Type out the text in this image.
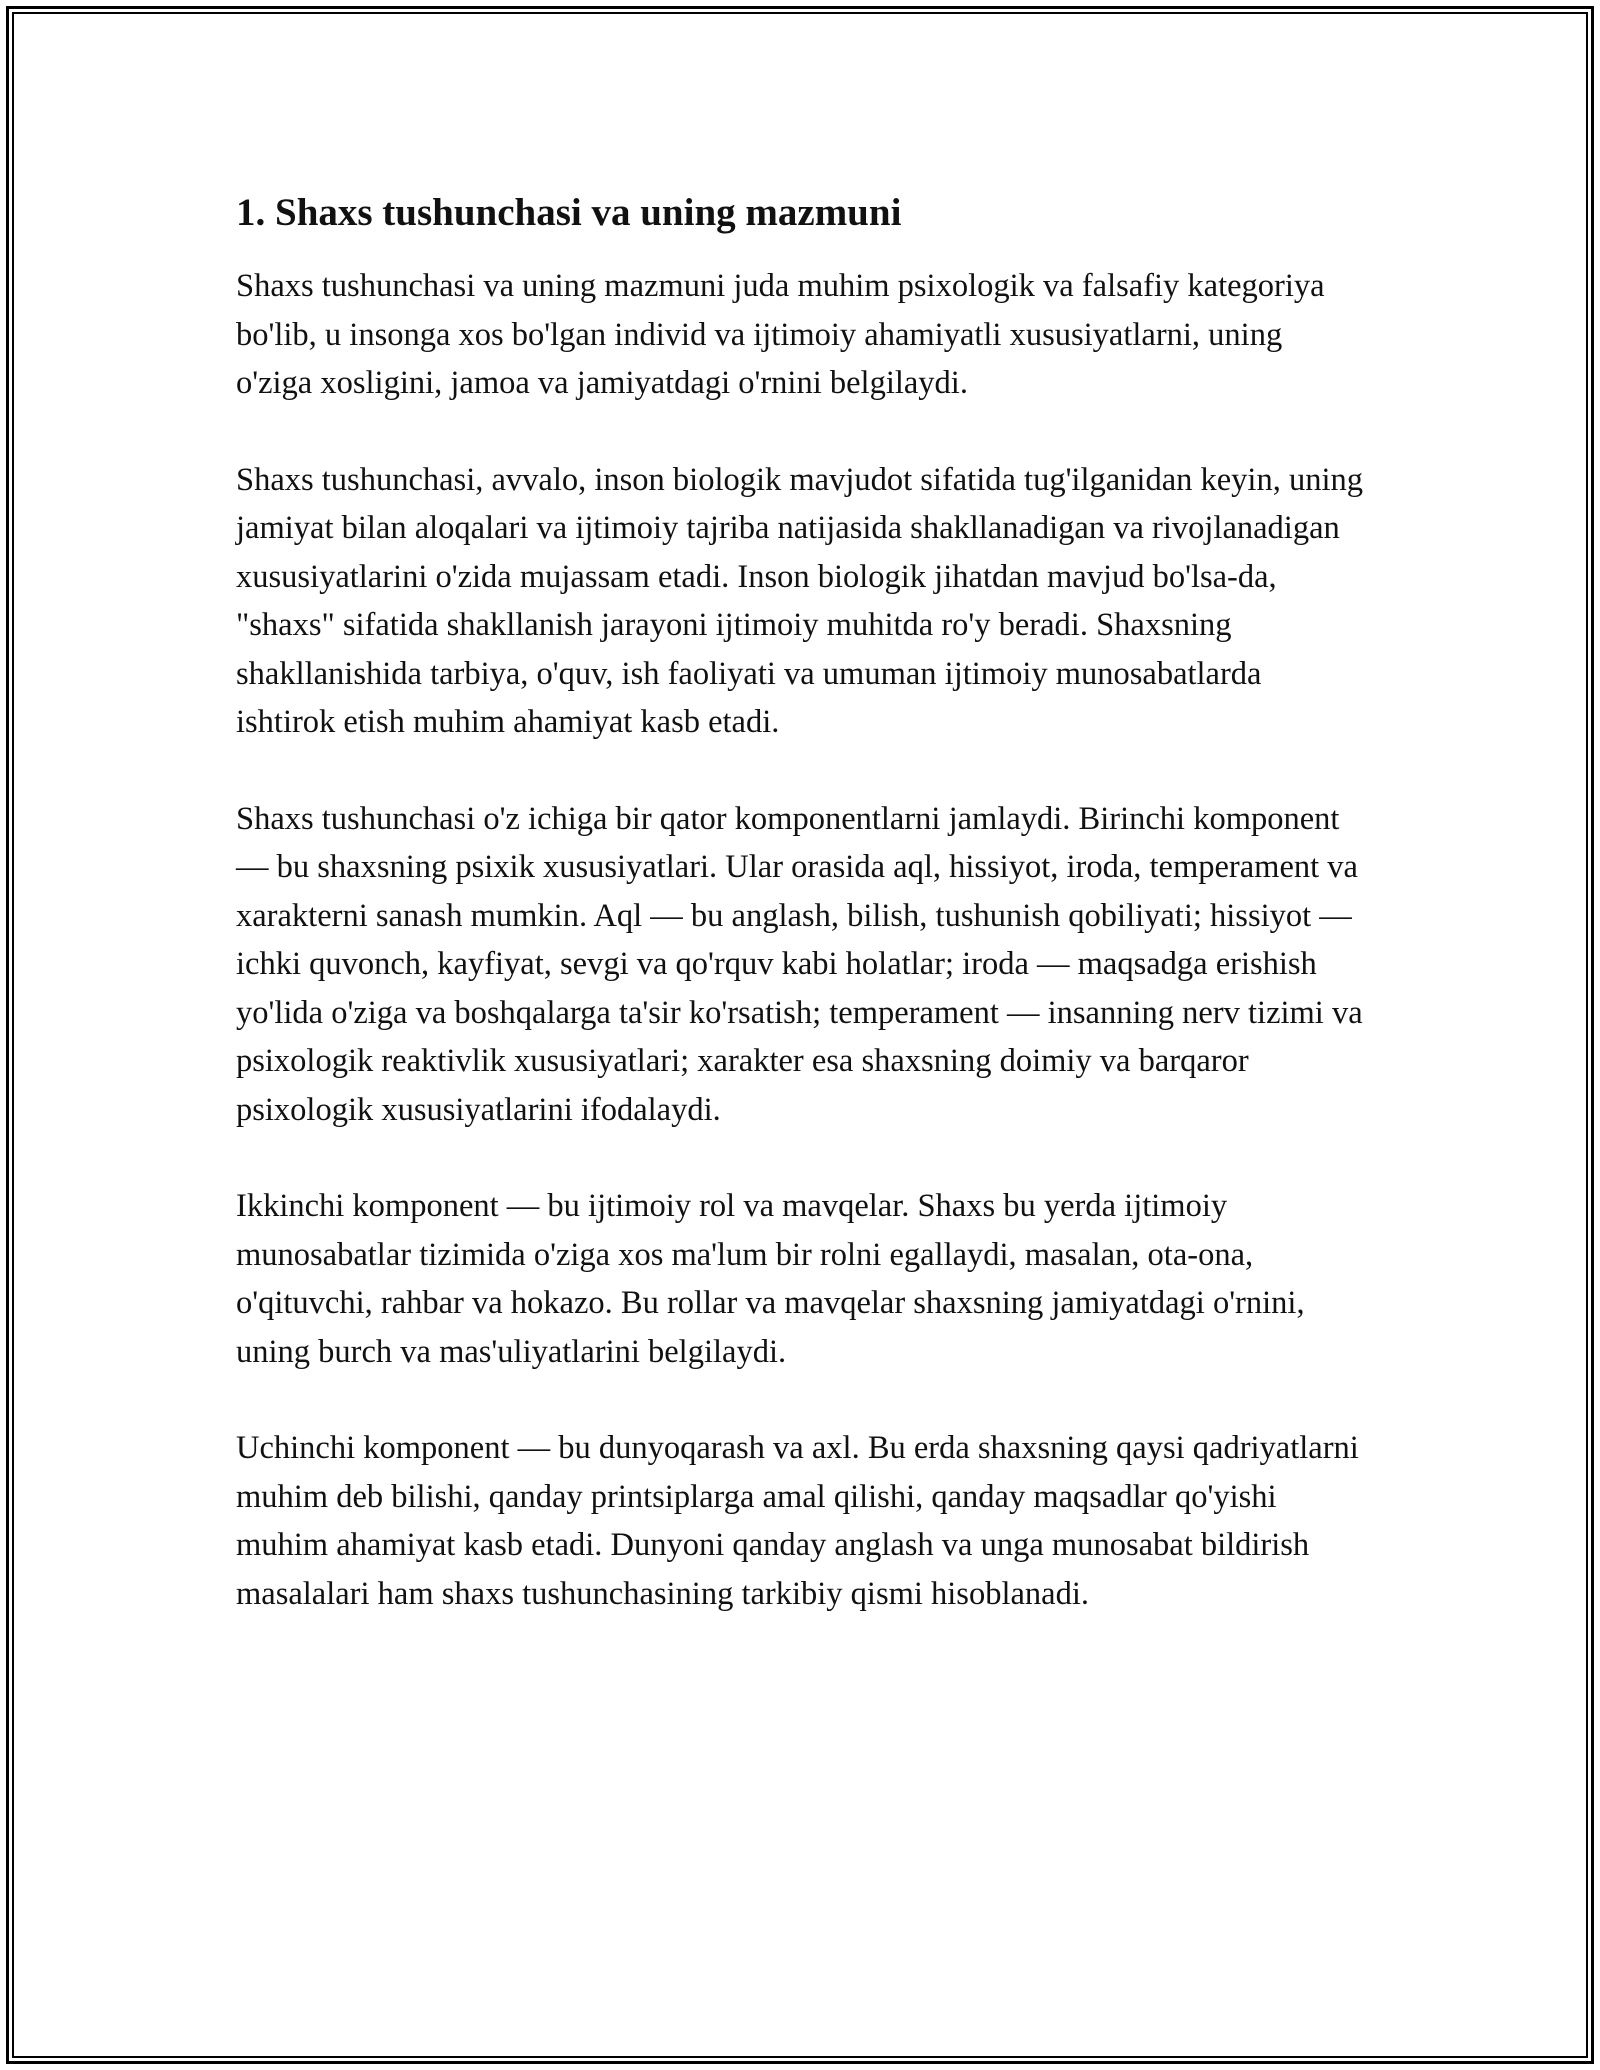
1. Shaxs tushunchasi va uning mazmuni

Shaxs tushunchasi va uning mazmuni juda muhim psixologik va falsafiy kategoriya bo'lib, u insonga xos bo'lgan individ va ijtimoiy ahamiyatli xususiyatlarni, uning o'ziga xosligini, jamoa va jamiyatdagi o'rnini belgilaydi.

Shaxs tushunchasi, avvalo, inson biologik mavjudot sifatida tug'ilganidan keyin, uning jamiyat bilan aloqalari va ijtimoiy tajriba natijasida shakllanadigan va rivojlanadigan xususiyatlarini o'zida mujassam etadi. Inson biologik jihatdan mavjud bo'lsa-da, "shaxs" sifatida shakllanish jarayoni ijtimoiy muhitda ro'y beradi. Shaxsning shakllanishida tarbiya, o'quv, ish faoliyati va umuman ijtimoiy munosabatlarda ishtirok etish muhim ahamiyat kasb etadi.

Shaxs tushunchasi o'z ichiga bir qator komponentlarni jamlaydi. Birinchi komponent — bu shaxsning psixik xususiyatlari. Ular orasida aql, hissiyot, iroda, temperament va xarakterni sanash mumkin. Aql — bu anglash, bilish, tushunish qobiliyati; hissiyot — ichki quvonch, kayfiyat, sevgi va qo'rquv kabi holatlar; iroda — maqsadga erishish yo'lida o'ziga va boshqalarga ta'sir ko'rsatish; temperament — insanning nerv tizimi va psixologik reaktivlik xususiyatlari; xarakter esa shaxsning doimiy va barqaror psixologik xususiyatlarini ifodalaydi.

Ikkinchi komponent — bu ijtimoiy rol va mavqelar. Shaxs bu yerda ijtimoiy munosabatlar tizimida o'ziga xos ma'lum bir rolni egallaydi, masalan, ota-ona, o'qituvchi, rahbar va hokazo. Bu rollar va mavqelar shaxsning jamiyatdagi o'rnini, uning burch va mas'uliyatlarini belgilaydi.

Uchinchi komponent — bu dunyoqarash va axl. Bu erda shaxsning qaysi qadriyatlarni muhim deb bilishi, qanday printsiplarga amal qilishi, qanday maqsadlar qo'yishi muhim ahamiyat kasb etadi. Dunyoni qanday anglash va unga munosabat bildirish masalalari ham shaxs tushunchasining tarkibiy qismi hisoblanadi.
